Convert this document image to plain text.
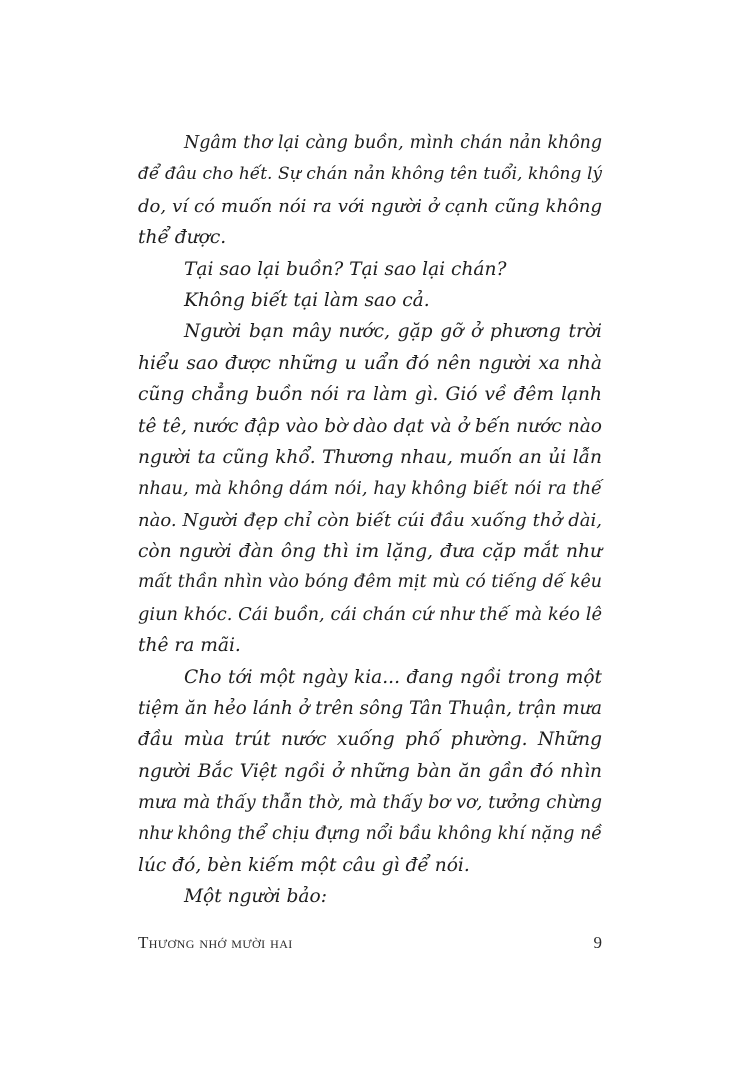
Ngâm thơ lại càng buồn, mình chán nản không
để đâu cho hết. Sự chán nản không tên tuổi, không lý
do, ví có muốn nói ra với người ở cạnh cũng không
thể được.
Tại sao lại buồn? Tại sao lại chán?
Không biết tại làm sao cả.
Người bạn mây nước, gặp gỡ ở phương trời
hiểu sao được những u uẩn đó nên người xa nhà
cũng chẳng buồn nói ra làm gì. Gió về đêm lạnh
tê tê, nước đập vào bờ dào dạt và ở bến nước nào
người ta cũng khổ. Thương nhau, muốn an ủi lẫn
nhau, mà không dám nói, hay không biết nói ra thế
nào. Người đẹp chỉ còn biết cúi đầu xuống thở dài,
còn người đàn ông thì im lặng, đưa cặp mắt như
mất thần nhìn vào bóng đêm mịt mù có tiếng dế kêu
giun khóc. Cái buồn, cái chán cứ như thế mà kéo lê
thê ra mãi.
Cho tới một ngày kia... đang ngồi trong một
tiệm ăn hẻo lánh ở trên sông Tân Thuận, trận mưa
đầu mùa trút nước xuống phố phường. Những
người Bắc Việt ngồi ở những bàn ăn gần đó nhìn
mưa mà thấy thẫn thờ, mà thấy bơ vơ, tưởng chừng
như không thể chịu đựng nổi bầu không khí nặng nề
lúc đó, bèn kiếm một câu gì để nói.
Một người bảo:
Thương nhớ mười hai	9
